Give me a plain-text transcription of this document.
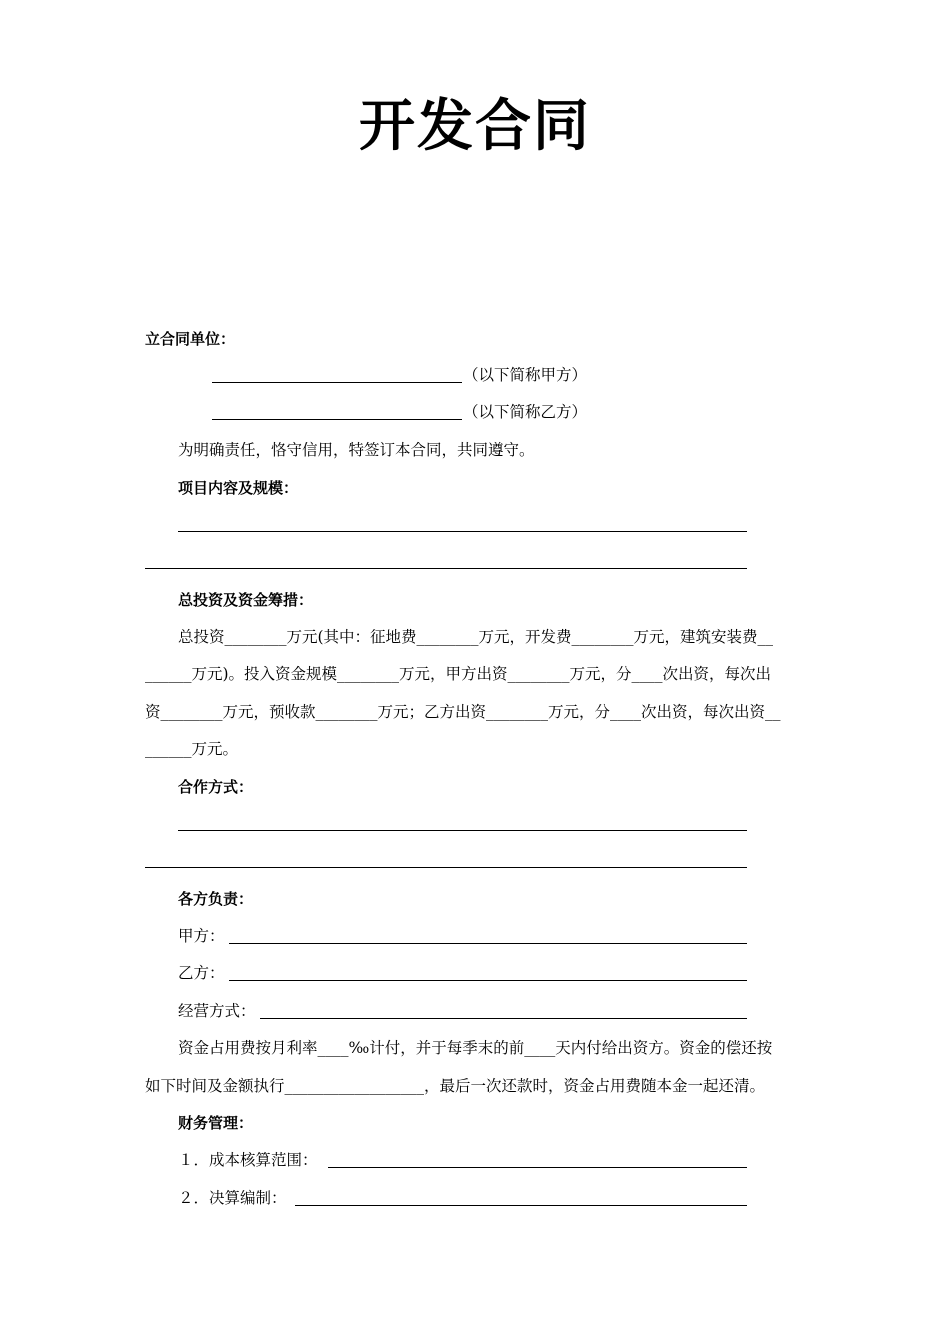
开发合同
立合同单位：
（以下简称甲方）
（以下简称乙方）
为明确责任，恪守信用，特签订本合同，共同遵守。
项目内容及规模：
总投资及资金筹措：
总投资________万元(其中：征地费________万元，开发费________万元，建筑安装费__
______万元)。投入资金规模________万元，甲方出资________万元，分____次出资，每次出
资________万元，预收款________万元；乙方出资________万元，分____次出资，每次出资__
______万元。
合作方式：
各方负责：
甲方：
乙方：
经营方式：
资金占用费按月利率____‰计付，并于每季末的前____天内付给出资方。资金的偿还按
如下时间及金额执行__________________，最后一次还款时，资金占用费随本金一起还清。
财务管理：
１．成本核算范围：
２．决算编制：
